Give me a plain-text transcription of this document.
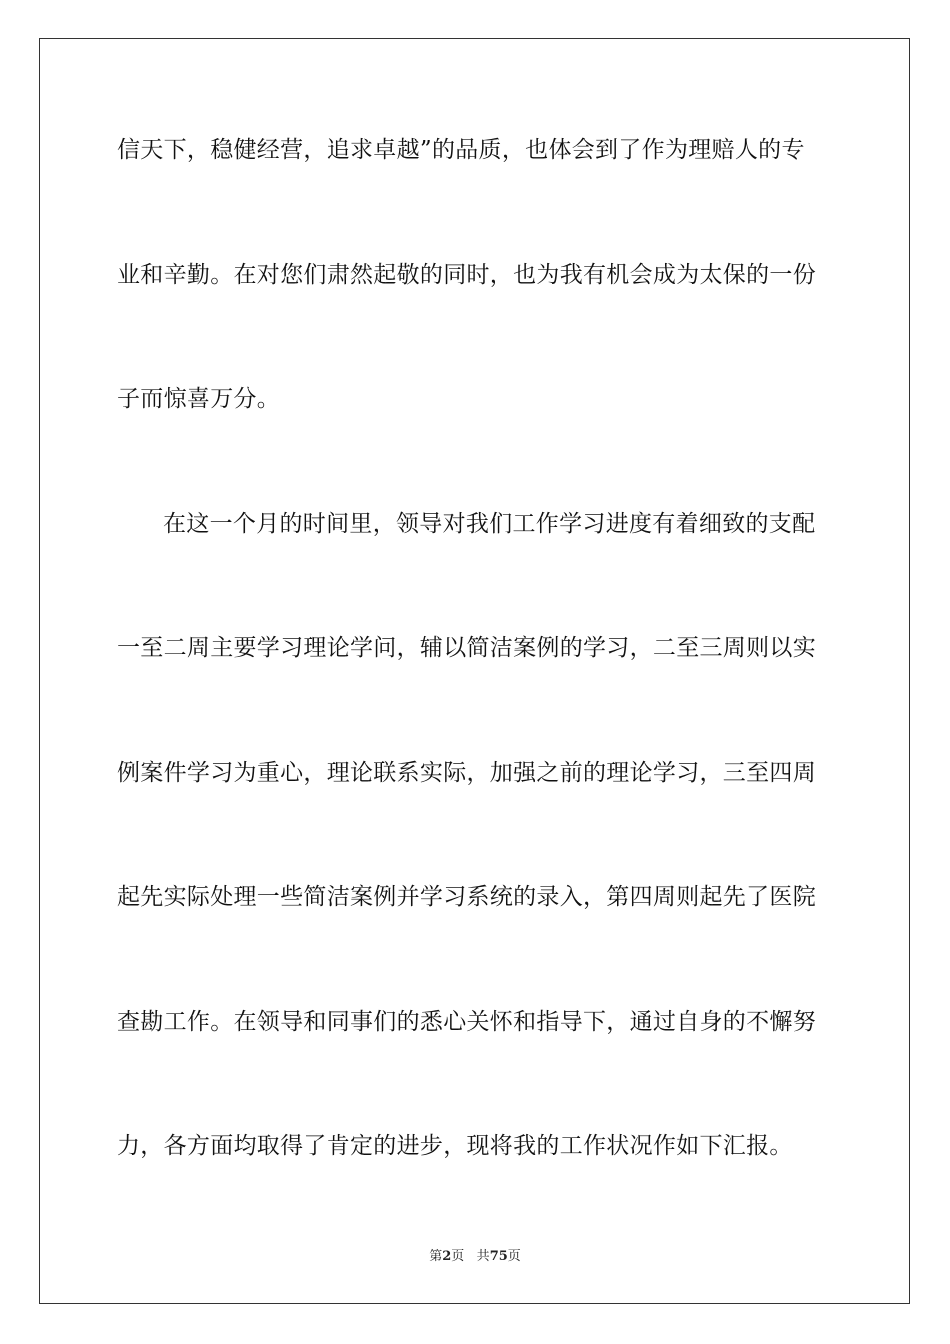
信天下，稳健经营，追求卓越”的品质，也体会到了作为理赔人的专
业和辛勤。在对您们肃然起敬的同时，也为我有机会成为太保的一份
子而惊喜万分。
在这一个月的时间里，领导对我们工作学习进度有着细致的支配
一至二周主要学习理论学问，辅以简洁案例的学习，二至三周则以实
例案件学习为重心，理论联系实际，加强之前的理论学习，三至四周
起先实际处理一些简洁案例并学习系统的录入，第四周则起先了医院
查勘工作。在领导和同事们的悉心关怀和指导下，通过自身的不懈努
力，各方面均取得了肯定的进步，现将我的工作状况作如下汇报。
第2页 共75页
